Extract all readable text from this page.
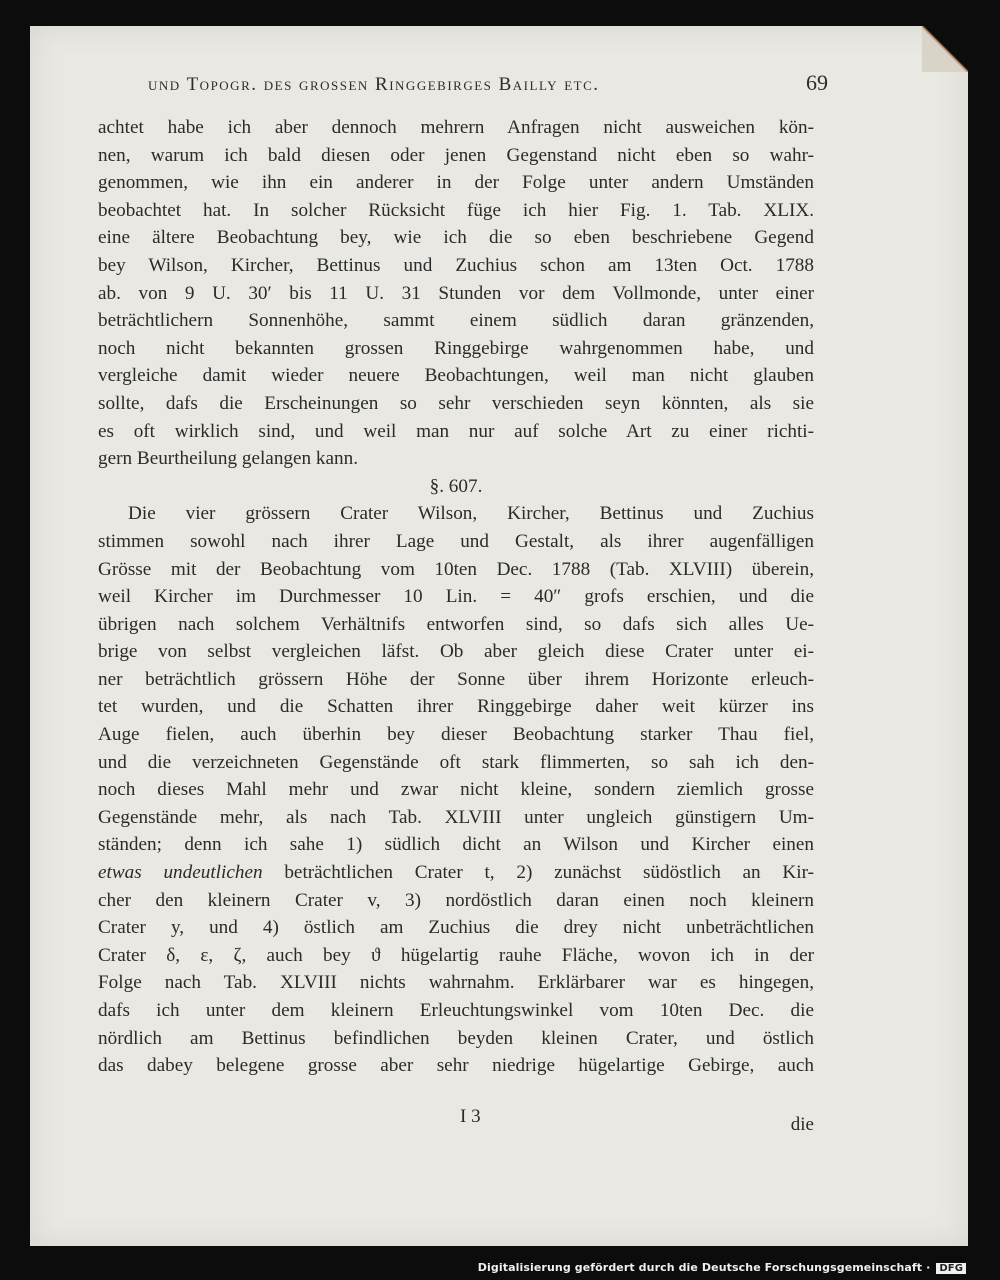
und Topogr. des grossen Ringgebirges Bailly etc.	69
achtet habe ich aber dennoch mehrern Anfragen nicht ausweichen kön-
nen, warum ich bald diesen oder jenen Gegenstand nicht eben so wahr-
genommen, wie ihn ein anderer in der Folge unter andern Umständen
beobachtet hat. In solcher Rücksicht füge ich hier Fig. 1. Tab. XLIX.
eine ältere Beobachtung bey, wie ich die so eben beschriebene Gegend
bey Wilson, Kircher, Bettinus und Zuchius schon am 13ten Oct. 1788
ab. von 9 U. 30′ bis 11 U. 31 Stunden vor dem Vollmonde, unter einer
beträchtlichern Sonnenhöhe, sammt einem südlich daran gränzenden,
noch nicht bekannten grossen Ringgebirge wahrgenommen habe, und
vergleiche damit wieder neuere Beobachtungen, weil man nicht glauben
sollte, dafs die Erscheinungen so sehr verschieden seyn könnten, als sie
es oft wirklich sind, und weil man nur auf solche Art zu einer richti-
gern Beurtheilung gelangen kann.
§. 607.
Die vier grössern Crater Wilson, Kircher, Bettinus und Zuchius
stimmen sowohl nach ihrer Lage und Gestalt, als ihrer augenfälligen
Grösse mit der Beobachtung vom 10ten Dec. 1788 (Tab. XLVIII) überein,
weil Kircher im Durchmesser 10 Lin. = 40″ grofs erschien, und die
übrigen nach solchem Verhältnifs entworfen sind, so dafs sich alles Ue-
brige von selbst vergleichen läfst. Ob aber gleich diese Crater unter ei-
ner beträchtlich grössern Höhe der Sonne über ihrem Horizonte erleuch-
tet wurden, und die Schatten ihrer Ringgebirge daher weit kürzer ins
Auge fielen, auch überhin bey dieser Beobachtung starker Thau fiel,
und die verzeichneten Gegenstände oft stark flimmerten, so sah ich den-
noch dieses Mahl mehr und zwar nicht kleine, sondern ziemlich grosse
Gegenstände mehr, als nach Tab. XLVIII unter ungleich günstigern Um-
ständen; denn ich sahe 1) südlich dicht an Wilson und Kircher einen
etwas undeutlichen beträchtlichen Crater t, 2) zunächst südöstlich an Kir-
cher den kleinern Crater v, 3) nordöstlich daran einen noch kleinern
Crater y, und 4) östlich am Zuchius die drey nicht unbeträchtlichen
Crater δ, ε, ζ, auch bey ϑ hügelartig rauhe Fläche, wovon ich in der
Folge nach Tab. XLVIII nichts wahrnahm. Erklärbarer war es hingegen,
dafs ich unter dem kleinern Erleuchtungswinkel vom 10ten Dec. die
nördlich am Bettinus befindlichen beyden kleinen Crater, und östlich
das dabey belegene grosse aber sehr niedrige hügelartige Gebirge, auch
I 3	die
Digitalisierung gefördert durch die Deutsche Forschungsgemeinschaft · DFG
